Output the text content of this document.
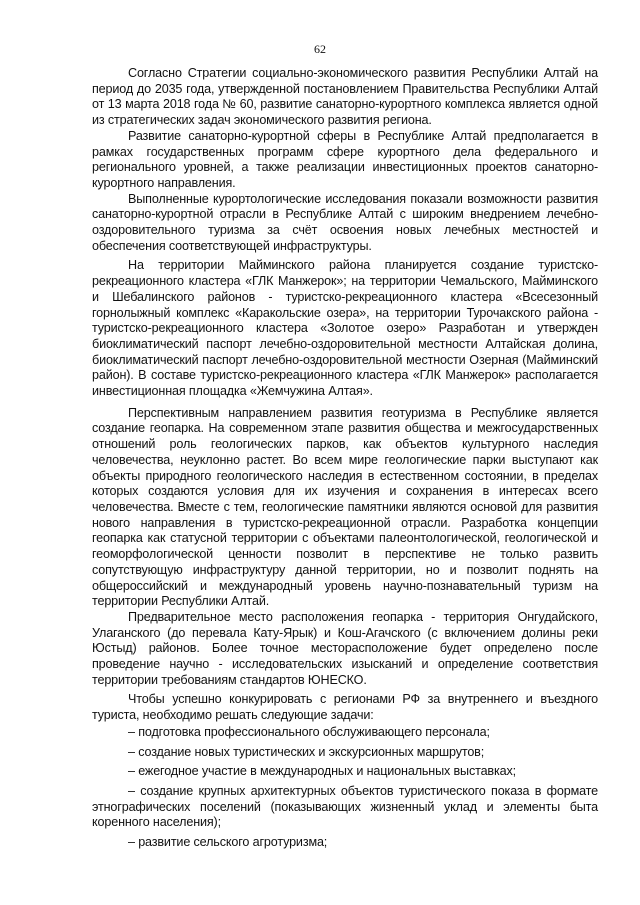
62

Согласно Стратегии социально-экономического развития Республики Алтай на период до 2035 года, утвержденной постановлением Правительства Республики Алтай от 13 марта 2018 года № 60, развитие санаторно-курортного комплекса является одной из стратегических задач экономического развития региона.

Развитие санаторно-курортной сферы в Республике Алтай предполагается в рамках государственных программ сфере курортного дела федерального и регионального уровней, а также реализации инвестиционных проектов санаторно-курортного направления.

Выполненные курортологические исследования показали возможности развития санаторно-курортной отрасли в Республике Алтай с широким внедрением лечебно-оздоровительного туризма за счёт освоения новых лечебных местностей и обеспечения соответствующей инфраструктуры.

На территории Майминского района планируется создание туристско-рекреационного кластера «ГЛК Манжерок»; на территории Чемальского, Майминского и Шебалинского районов - туристско-рекреационного кластера «Всесезонный горнолыжный комплекс «Каракольские озера», на территории Турочакского района - туристско-рекреационного кластера «Золотое озеро» Разработан и утвержден биоклиматический паспорт лечебно-оздоровительной местности Алтайская долина, биоклиматический паспорт лечебно-оздоровительной местности Озерная (Майминский район). В составе туристско-рекреационного кластера «ГЛК Манжерок» располагается инвестиционная площадка «Жемчужина Алтая».

Перспективным направлением развития геотуризма в Республике является создание геопарка. На современном этапе развития общества и межгосударственных отношений роль геологических парков, как объектов культурного наследия человечества, неуклонно растет. Во всем мире геологические парки выступают как объекты природного геологического наследия в естественном состоянии, в пределах которых создаются условия для их изучения и сохранения в интересах всего человечества. Вместе с тем, геологические памятники являются основой для развития нового направления в туристско-рекреационной отрасли. Разработка концепции геопарка как статусной территории с объектами палеонтологической, геологической и геоморфологической ценности позволит в перспективе не только развить сопутствующую инфраструктуру данной территории, но и позволит поднять на общероссийский и международный уровень научно-познавательный туризм на территории Республики Алтай.

Предварительное место расположения геопарка - территория Онгудайского, Улаганского (до перевала Кату-Ярык) и Кош-Агачского (с включением долины реки Юстыд) районов. Более точное месторасположение будет определено после проведение научно - исследовательских изысканий и определение соответствия территории требованиям стандартов ЮНЕСКО.

Чтобы успешно конкурировать с регионами РФ за внутреннего и въездного туриста, необходимо решать следующие задачи:

– подготовка профессионального обслуживающего персонала;
– создание новых туристических и экскурсионных маршрутов;
– ежегодное участие в международных и национальных выставках;
– создание крупных архитектурных объектов туристического показа в формате этнографических поселений (показывающих жизненный уклад и элементы быта коренного населения);
– развитие сельского агротуризма;
